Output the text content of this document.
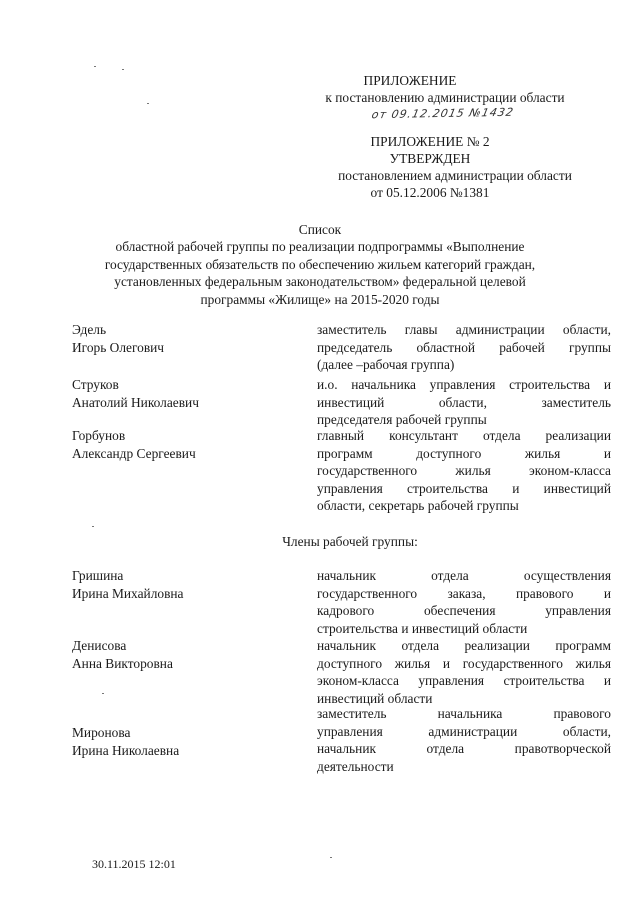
ПРИЛОЖЕНИЕ
к постановлению администрации области
от 09.12.2015 №1432
ПРИЛОЖЕНИЕ № 2
УТВЕРЖДЕН
постановлением администрации области
от 05.12.2006 №1381
Список
областной рабочей группы по реализации подпрограммы «Выполнение
государственных обязательств по обеспечению жильем категорий граждан,
установленных федеральным законодательством» федеральной целевой
программы «Жилище» на 2015-2020 годы
Эдель
Игорь Олегович
заместитель главы администрации области,
председатель областной рабочей группы
(далее –рабочая группа)
Струков
Анатолий Николаевич
и.о. начальника управления строительства и
инвестиций области, заместитель
председателя рабочей группы
Горбунов
Александр Сергеевич
главный консультант отдела реализации
программ доступного жилья и
государственного жилья эконом-класса
управления строительства и инвестиций
области, секретарь рабочей группы
Члены рабочей группы:
Гришина
Ирина Михайловна
начальник отдела осуществления
государственного заказа, правового и
кадрового обеспечения управления
строительства и инвестиций области
Денисова
Анна Викторовна
начальник отдела реализации программ
доступного жилья и государственного жилья
эконом-класса управления строительства и
инвестиций области
Миронова
Ирина Николаевна
заместитель начальника правового
управления администрации области,
начальник отдела правотворческой
деятельности
30.11.2015 12:01
